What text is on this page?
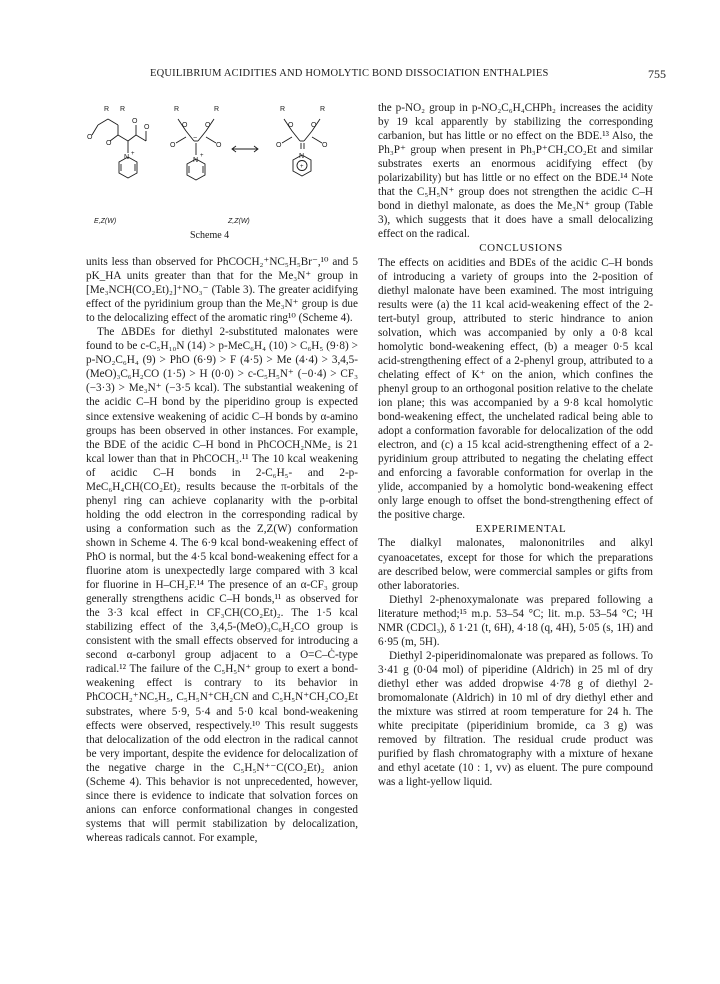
EQUILIBRIUM ACIDITIES AND HOMOLYTIC BOND DISSOCIATION ENTHALPIES	755
R R
O
O
O
O
N +
R	R
O	O
O	O
N
+
−
R	R
O	O
O	O
N
+
E,Z(W)	Z,Z(W)
Scheme 4

units less than observed for PhCOCH₂⁺NC₅H₅Br⁻,¹⁰ and 5 pK_HA units greater than that for the Me₃N⁺ group in [Me₃NCH(CO₂Et)₂]⁺NO₃⁻ (Table 3). The greater acidifying effect of the pyridinium group than the Me₃N⁺ group is due to the delocalizing effect of the aromatic ring¹⁰ (Scheme 4).

The ΔBDEs for diethyl 2-substituted malonates were found to be c-C₅H₁₀N (14) > p-MeC₆H₄ (10) > C₆H₅ (9·8) > p-NO₂C₆H₄ (9) > PhO (6·9) > F (4·5) > Me (4·4) > 3,4,5-(MeO)₃C₆H₂CO (1·5) > H (0·0) > c-C₅H₅N⁺ (−0·4) > CF₃ (−3·3) > Me₃N⁺ (−3·5 kcal). The substantial weakening of the acidic C–H bond by the piperidino group is expected since extensive weakening of acidic C–H bonds by α-amino groups has been observed in other instances. For example, the BDE of the acidic C–H bond in PhCOCH₂NMe₂ is 21 kcal lower than that in PhCOCH₃.¹¹ The 10 kcal weakening of acidic C–H bonds in 2-C₆H₅- and 2-p-MeC₆H₄CH(CO₂Et)₂ results because the π-orbitals of the phenyl ring can achieve coplanarity with the p-orbital holding the odd electron in the corresponding radical by using a conformation such as the Z,Z(W) conformation shown in Scheme 4. The 6·9 kcal bond-weakening effect of PhO is normal, but the 4·5 kcal bond-weakening effect for a fluorine atom is unexpectedly large compared with 3 kcal for fluorine in H–CH₂F.¹⁴ The presence of an α-CF₃ group generally strengthens acidic C–H bonds,¹¹ as observed for the 3·3 kcal effect in CF₃CH(CO₂Et)₂. The 1·5 kcal stabilizing effect of the 3,4,5-(MeO)₃C₆H₂CO group is consistent with the small effects observed for introducing a second α-carbonyl group adjacent to a O=C–Ċ-type radical.¹² The failure of the C₅H₅N⁺ group to exert a bond-weakening effect is contrary to its behavior in PhCOCH₂⁺NC₅H₅, C₅H₅N⁺CH₂CN and C₅H₅N⁺CH₂CO₂Et substrates, where 5·9, 5·4 and 5·0 kcal bond-weakening effects were observed, respectively.¹⁰ This result suggests that delocalization of the odd electron in the radical cannot be very important, despite the evidence for delocalization of the negative charge in the C₅H₅N⁺⁻C(CO₂Et)₂ anion (Scheme 4). This behavior is not unprecedented, however, since there is evidence to indicate that solvation forces on anions can enforce conformational changes in congested systems that will permit stabilization by delocalization, whereas radicals cannot. For example,

the p-NO₂ group in p-NO₂C₆H₄CHPh₂ increases the acidity by 19 kcal apparently by stabilizing the corresponding carbanion, but has little or no effect on the BDE.¹³ Also, the Ph₃P⁺ group when present in Ph₃P⁺CH₂CO₂Et and similar substrates exerts an enormous acidifying effect (by polarizability) but has little or no effect on the BDE.¹⁴ Note that the C₅H₅N⁺ group does not strengthen the acidic C–H bond in diethyl malonate, as does the Me₃N⁺ group (Table 3), which suggests that it does have a small delocalizing effect on the radical.

CONCLUSIONS

The effects on acidities and BDEs of the acidic C–H bonds of introducing a variety of groups into the 2-position of diethyl malonate have been examined. The most intriguing results were (a) the 11 kcal acid-weakening effect of the 2-tert-butyl group, attributed to steric hindrance to anion solvation, which was accompanied by only a 0·8 kcal homolytic bond-weakening effect, (b) a meager 0·5 kcal acid-strengthening effect of a 2-phenyl group, attributed to a chelating effect of K⁺ on the anion, which confines the phenyl group to an orthogonal position relative to the chelate ion plane; this was accompanied by a 9·8 kcal homolytic bond-weakening effect, the unchelated radical being able to adopt a conformation favorable for delocalization of the odd electron, and (c) a 15 kcal acid-strengthening effect of a 2-pyridinium group attributed to negating the chelating effect and enforcing a favorable conformation for overlap in the ylide, accompanied by a homolytic bond-weakening effect only large enough to offset the bond-strengthening effect of the positive charge.

EXPERIMENTAL

The dialkyl malonates, malononitriles and alkyl cyanoacetates, except for those for which the preparations are described below, were commercial samples or gifts from other laboratories.

Diethyl 2-phenoxymalonate was prepared following a literature method;¹⁵ m.p. 53–54 °C; lit. m.p. 53–54 °C; ¹H NMR (CDCl₃), δ 1·21 (t, 6H), 4·18 (q, 4H), 5·05 (s, 1H) and 6·95 (m, 5H).

Diethyl 2-piperidinomalonate was prepared as follows. To 3·41 g (0·04 mol) of piperidine (Aldrich) in 25 ml of dry diethyl ether was added dropwise 4·78 g of diethyl 2-bromomalonate (Aldrich) in 10 ml of dry diethyl ether and the mixture was stirred at room temperature for 24 h. The white precipitate (piperidinium bromide, ca 3 g) was removed by filtration. The residual crude product was purified by flash chromatography with a mixture of hexane and ethyl acetate (10 : 1, vv) as eluent. The pure compound was a light-yellow liquid.
